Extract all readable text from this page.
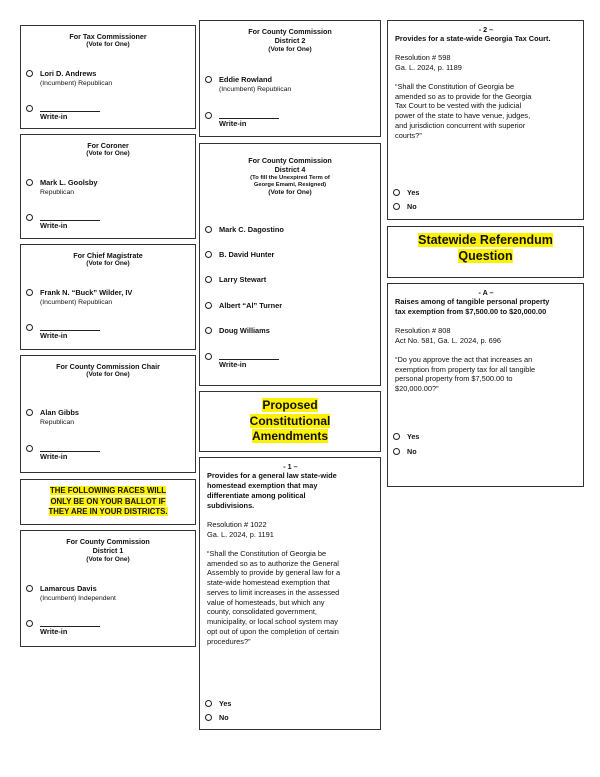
For Tax Commissioner
(Vote for One)
Lori D. Andrews
(Incumbent) Republican
Write-in
For Coroner
(Vote for One)
Mark L. Goolsby
Republican
Write-in
For Chief Magistrate
(Vote for One)
Frank N. “Buck” Wilder, IV
(Incumbent) Republican
Write-in
For County Commission Chair
(Vote for One)
Alan Gibbs
Republican
Write-in
THE FOLLOWING RACES WILL
ONLY BE ON YOUR BALLOT IF
THEY ARE IN YOUR DISTRICTS.
For County Commission
District 1
(Vote for One)
Lamarcus Davis
(Incumbent) Independent
Write-in
For County Commission
District 2
(Vote for One)
Eddie Rowland
(Incumbent) Republican
Write-in
For County Commission
District 4
(To fill the Unexpired Term of
George Emami, Resigned)
(Vote for One)
Mark C. Dagostino
B. David Hunter
Larry Stewart
Albert “Al” Turner
Doug Williams
Write-in
Proposed
Constitutional
Amendments
- 1 –
Provides for a general law state-wide
homestead exemption that may
differentiate among political
subdivisions.
Resolution # 1022
Ga. L. 2024, p. 1191
“Shall the Constitution of Georgia be
amended so as to authorize the General
Assembly to provide by general law for a
state-wide homestead exemption that
serves to limit increases in the assessed
value of homesteads, but which any
county, consolidated government,
municipality, or local school system may
opt out of upon the completion of certain
procedures?”
Yes
No
- 2 –
Provides for a state-wide Georgia Tax Court.
Resolution # 598
Ga. L. 2024, p. 1189
“Shall the Constitution of Georgia be
amended so as to provide for the Georgia
Tax Court to be vested with the judicial
power of the state to have venue, judges,
and jurisdiction concurrent with superior
courts?”
Yes
No
Statewide Referendum
Question
- A –
Raises among of tangible personal property
tax exemption from $7,500.00 to $20,000.00
Resolution # 808
Act No. 581, Ga. L. 2024, p. 696
“Do you approve the act that increases an
exemption from property tax for all tangible
personal property from $7,500.00 to
$20,000.00?”
Yes
No
